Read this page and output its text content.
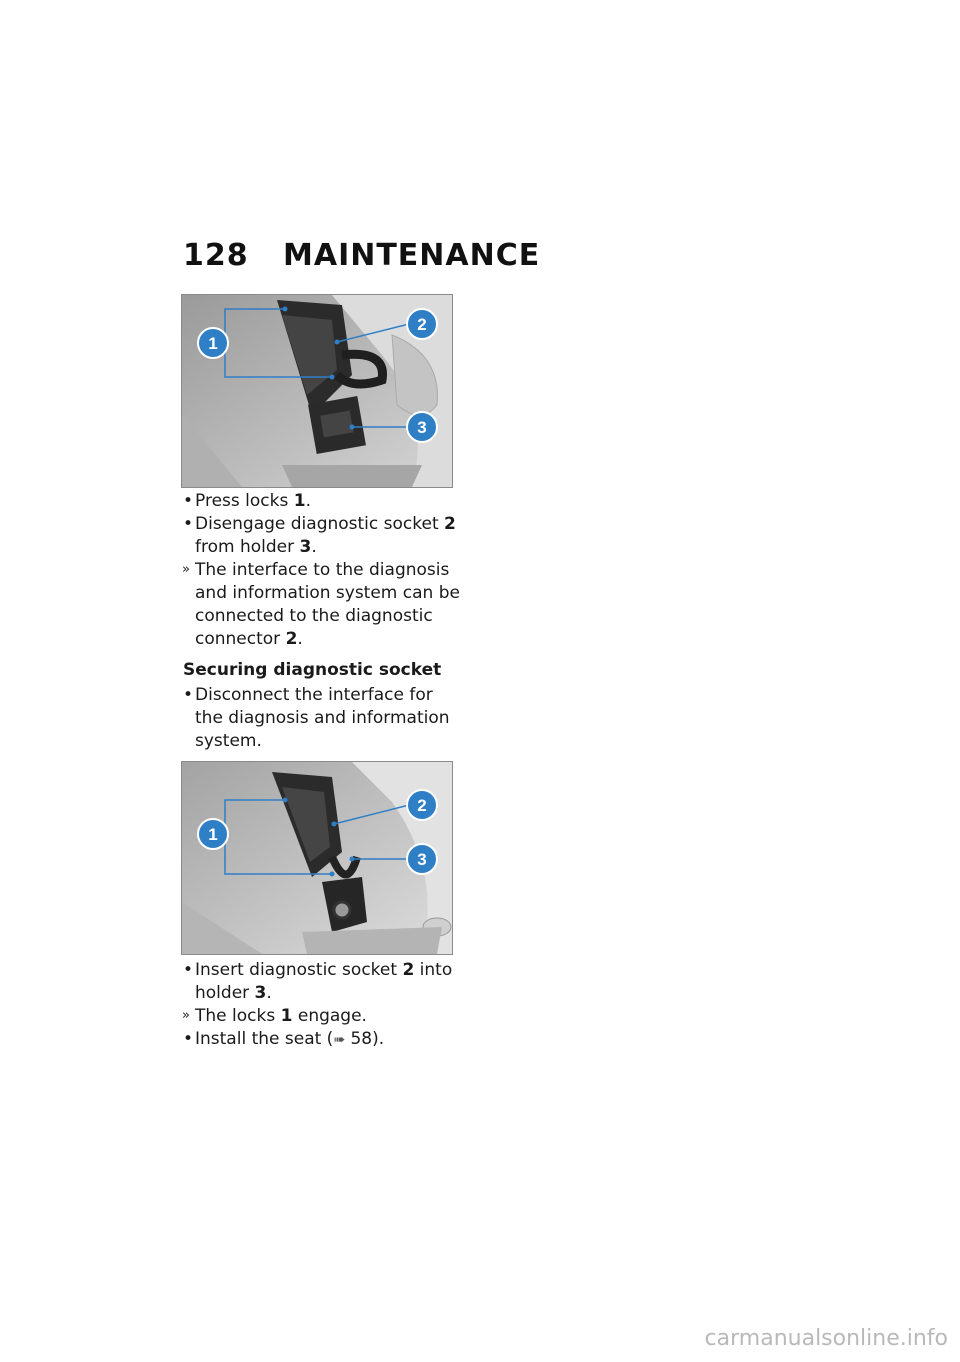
128 MAINTENANCE
1
2
3
• Press locks 1.
• Disengage diagnostic socket 2 from holder 3.
» The interface to the diagnosis and information system can be connected to the diagnostic connector 2.
Securing diagnostic socket
• Disconnect the interface for the diagnosis and information system.
1
2
3
• Insert diagnostic socket 2 into holder 3.
» The locks 1 engage.
• Install the seat (➠ 58).
carmanualsonline.info
